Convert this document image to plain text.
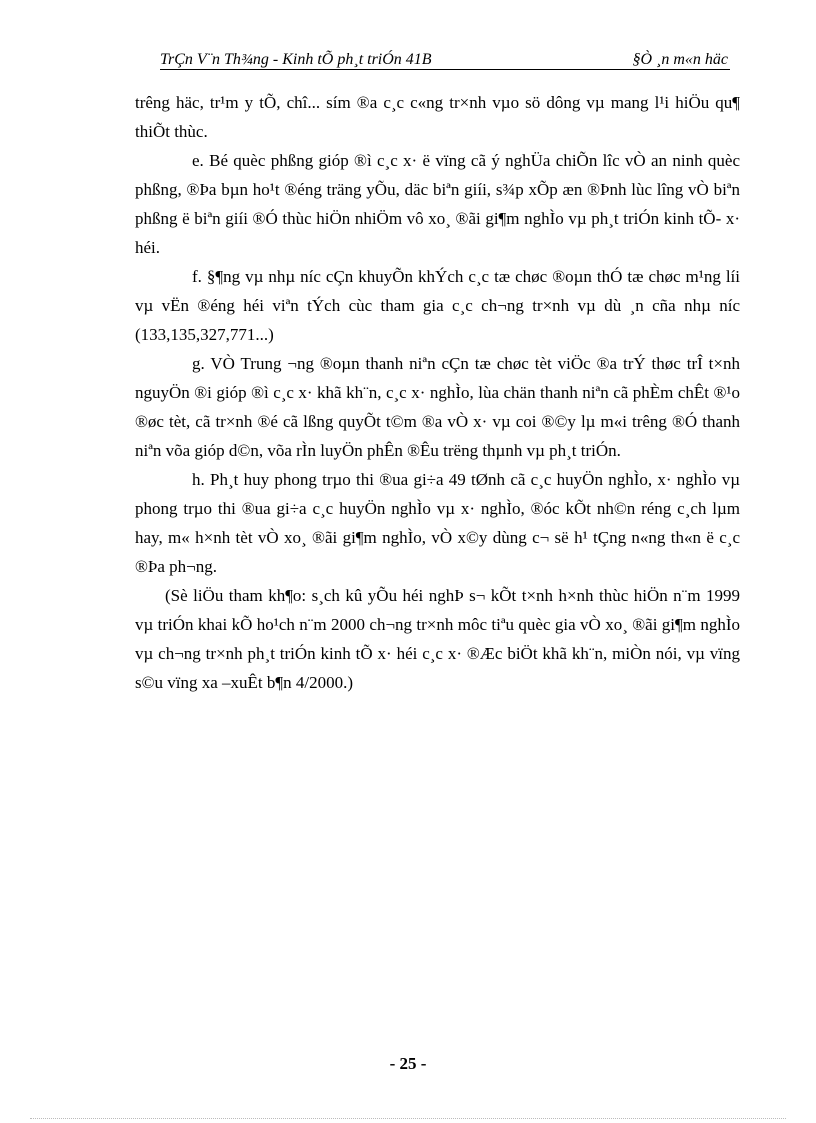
TrÇn V¨n Th¾ng - Kinh tÕ ph¸t triÓn 41B	§Ò ¸n m«n häc

trêng häc, tr¹m y tÕ, chî... sím ®a c¸c c«ng tr×nh vµo sö dông vµ mang l¹i hiÖu qu¶ thiÕt thùc.

e. Bé quèc phßng gióp ®ì c¸c x· ë vïng cã ý nghÜa chiÕn lîc vÒ an ninh quèc phßng, ®Þa bµn ho¹t ®éng träng yÕu, däc biªn giíi, s¾p xÕp æn ®Þnh lùc lîng vÒ biªn phßng ë biªn giíi ®Ó thùc hiÖn nhiÖm vô xo¸ ®ãi gi¶m nghÌo vµ ph¸t triÓn kinh tÕ- x· héi.

f. §¶ng vµ nhµ níc cÇn khuyÕn khÝch c¸c tæ chøc ®oµn thÓ tæ chøc m¹ng líi vµ vËn ®éng héi viªn tÝch cùc tham gia c¸c ch¬ng tr×nh vµ dù ¸n cña nhµ níc (133,135,327,771...)

g. VÒ Trung ¬ng ®oµn thanh niªn cÇn tæ chøc tèt viÖc ®a trÝ thøc trÎ t×nh nguyÖn ®i gióp ®ì c¸c x· khã kh¨n, c¸c x· nghÌo, lùa chän thanh niªn cã phÈm chÊt ®¹o ®øc tèt, cã tr×nh ®é cã lßng quyÕt t©m ®a vÒ x· vµ coi ®©y lµ m«i trêng ®Ó thanh niªn võa gióp d©n, võa rÌn luyÖn phÊn ®Êu trëng thµnh vµ ph¸t triÓn.

h. Ph¸t huy phong trµo thi ®ua gi÷a 49 tØnh cã c¸c huyÖn nghÌo, x· nghÌo vµ phong trµo thi ®ua gi÷a c¸c huyÖn nghÌo vµ x· nghÌo, ®óc kÕt nh©n réng c¸ch lµm hay, m« h×nh tèt vÒ xo¸ ®ãi gi¶m nghÌo, vÒ x©y dùng c¬ së h¹ tÇng n«ng th«n ë c¸c ®Þa ph¬ng.

(Sè liÖu tham kh¶o: s¸ch kû yÕu héi nghÞ s¬ kÕt t×nh h×nh thùc hiÖn n¨m 1999 vµ triÓn khai kÕ ho¹ch n¨m 2000 ch¬ng tr×nh môc tiªu quèc gia vÒ xo¸ ®ãi gi¶m nghÌo vµ ch¬ng tr×nh ph¸t triÓn kinh tÕ x· héi c¸c x· ®Æc biÖt khã kh¨n, miÒn nói, vµ vïng s©u vïng xa –xuÊt b¶n 4/2000.)

- 25 -
